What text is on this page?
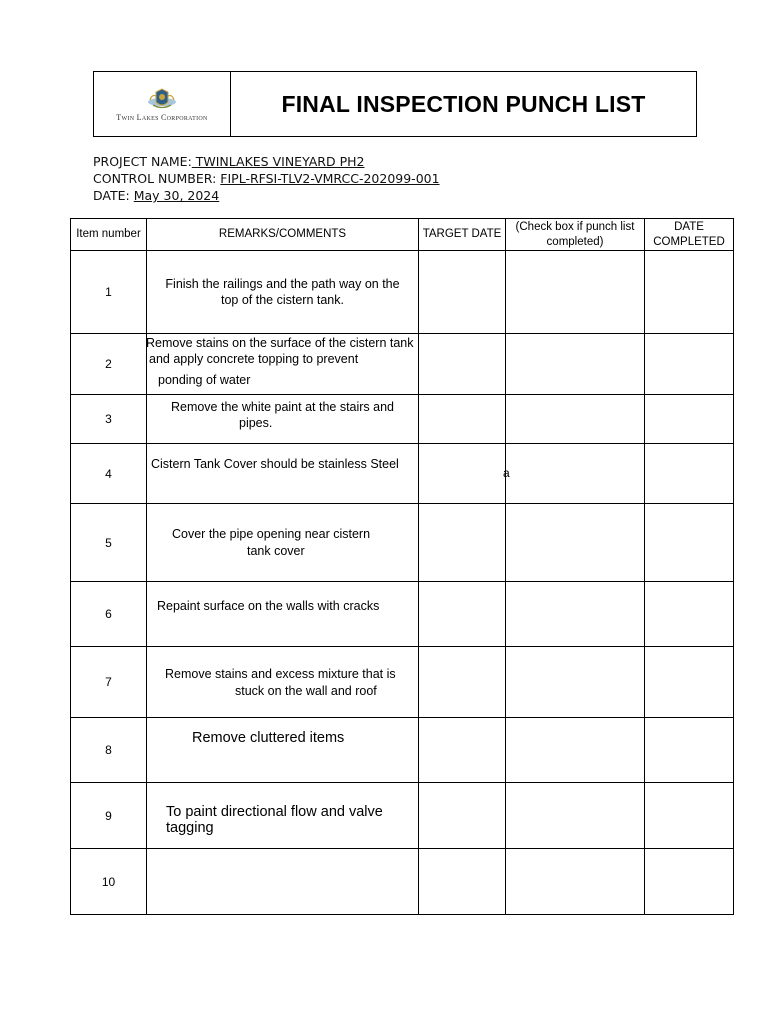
Twin Lakes Corporation
FINAL INSPECTION PUNCH LIST
PROJECT NAME: TWINLAKES VINEYARD PH2
CONTROL NUMBER: FIPL-RFSI-TLV2-VMRCC-202099-001
DATE: May 30, 2024
Item number	REMARKS/COMMENTS	TARGET DATE	(Check box if punch list completed)	DATE COMPLETED
1	Finish the railings and the path way on the
top of the cistern tank.			

2	Remove stains on the surface of the cistern tank
and apply concrete topping to prevent
ponding of water			

3	Remove the white paint at the stairs and
pipes.			

4	Cistern Tank Cover should be stainless Steel		a	

5	Cover the pipe opening near cistern
tank cover			

6	Repaint surface on the walls with cracks			

7	Remove stains and excess mixture that is
stuck on the wall and roof			

8	Remove cluttered items			

9	To paint directional flow and valve
tagging			

10				
